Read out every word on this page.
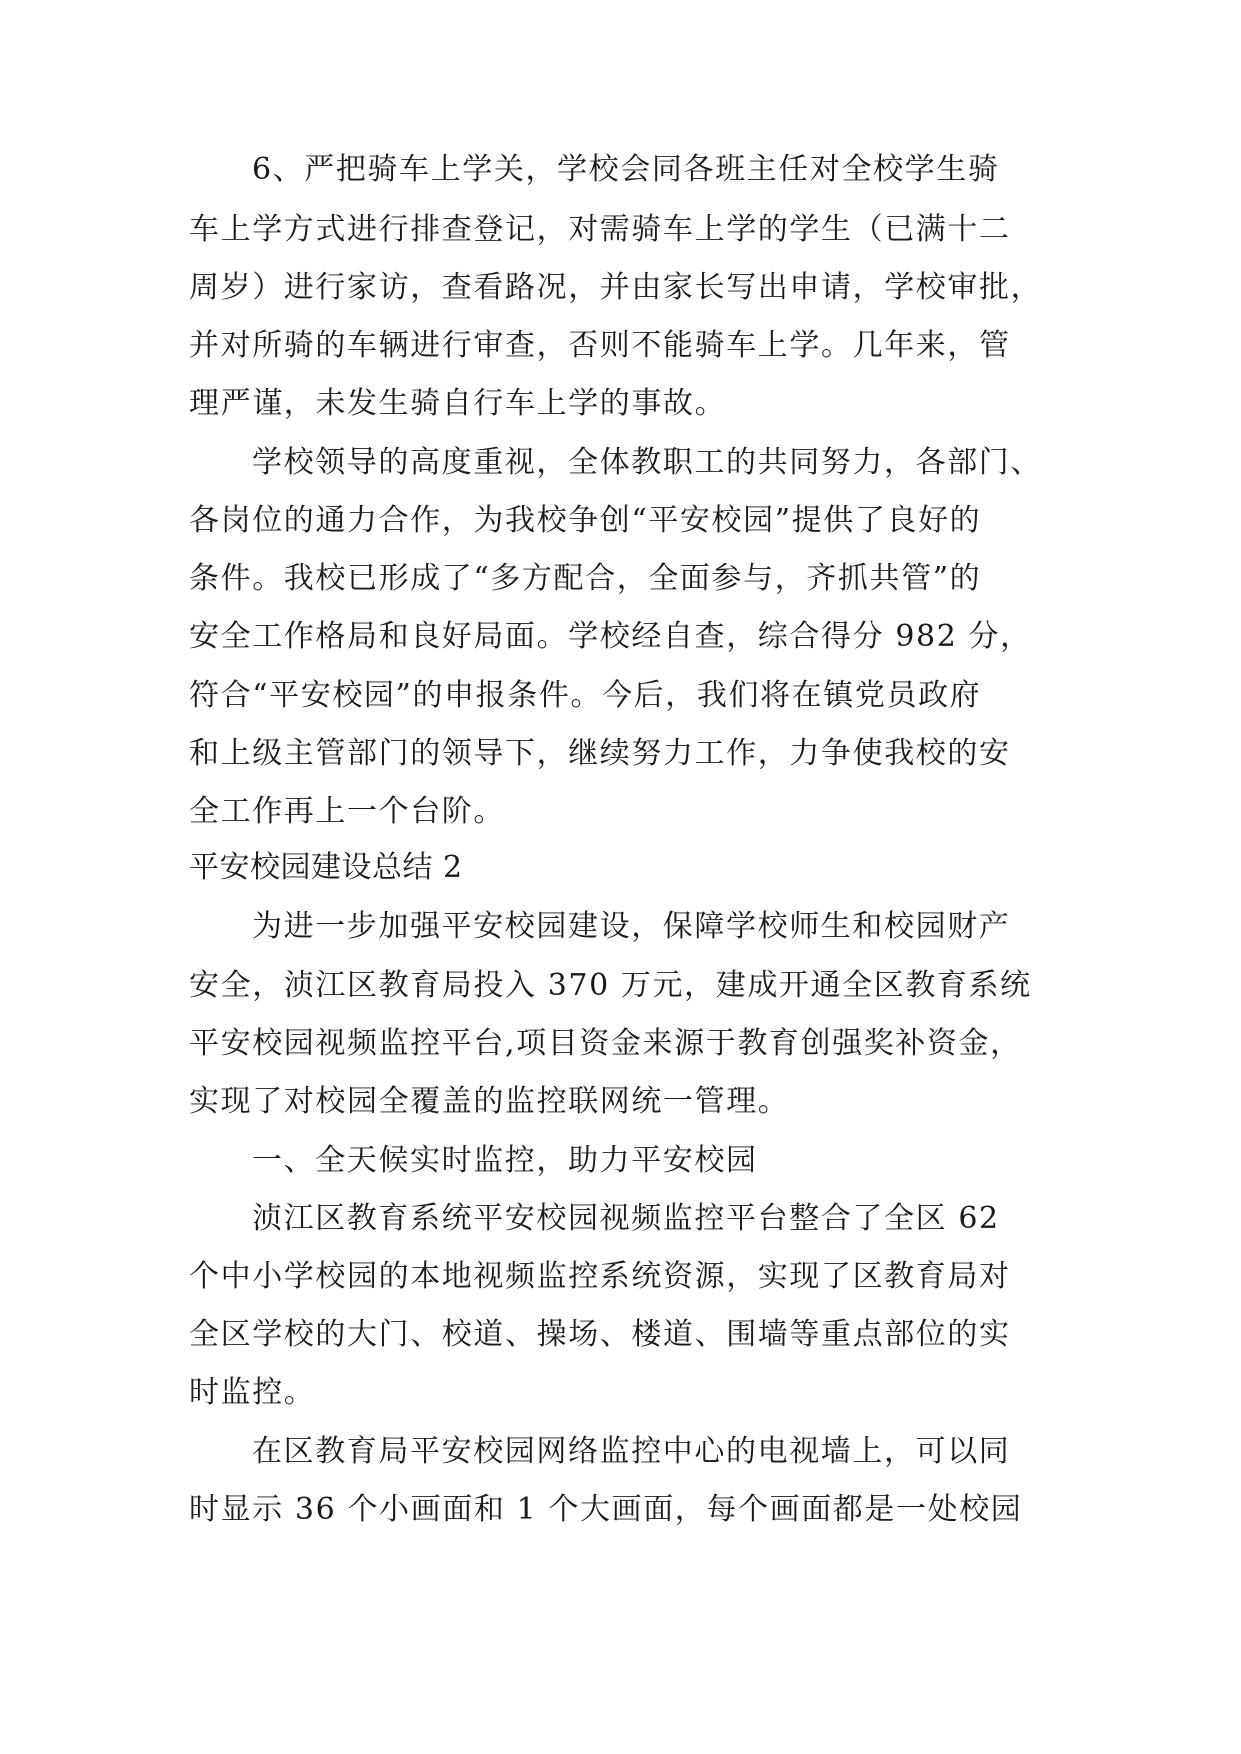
6、严把骑车上学关，学校会同各班主任对全校学生骑
车上学方式进行排查登记，对需骑车上学的学生（已满十二
周岁）进行家访，查看路况，并由家长写出申请，学校审批，
并对所骑的车辆进行审查，否则不能骑车上学。几年来，管
理严谨，未发生骑自行车上学的事故。
学校领导的高度重视，全体教职工的共同努力，各部门、
各岗位的通力合作，为我校争创“平安校园”提供了良好的
条件。我校已形成了“多方配合，全面参与，齐抓共管”的
安全工作格局和良好局面。学校经自查，综合得分 982 分，
符合“平安校园”的申报条件。今后，我们将在镇党员政府
和上级主管部门的领导下，继续努力工作，力争使我校的安
全工作再上一个台阶。
平安校园建设总结 2
为进一步加强平安校园建设，保障学校师生和校园财产
安全，浈江区教育局投入 370 万元，建成开通全区教育系统
平安校园视频监控平台,项目资金来源于教育创强奖补资金，
实现了对校园全覆盖的监控联网统一管理。
一、全天候实时监控，助力平安校园
浈江区教育系统平安校园视频监控平台整合了全区 62
个中小学校园的本地视频监控系统资源，实现了区教育局对
全区学校的大门、校道、操场、楼道、围墙等重点部位的实
时监控。
在区教育局平安校园网络监控中心的电视墙上，可以同
时显示 36 个小画面和 1 个大画面，每个画面都是一处校园
